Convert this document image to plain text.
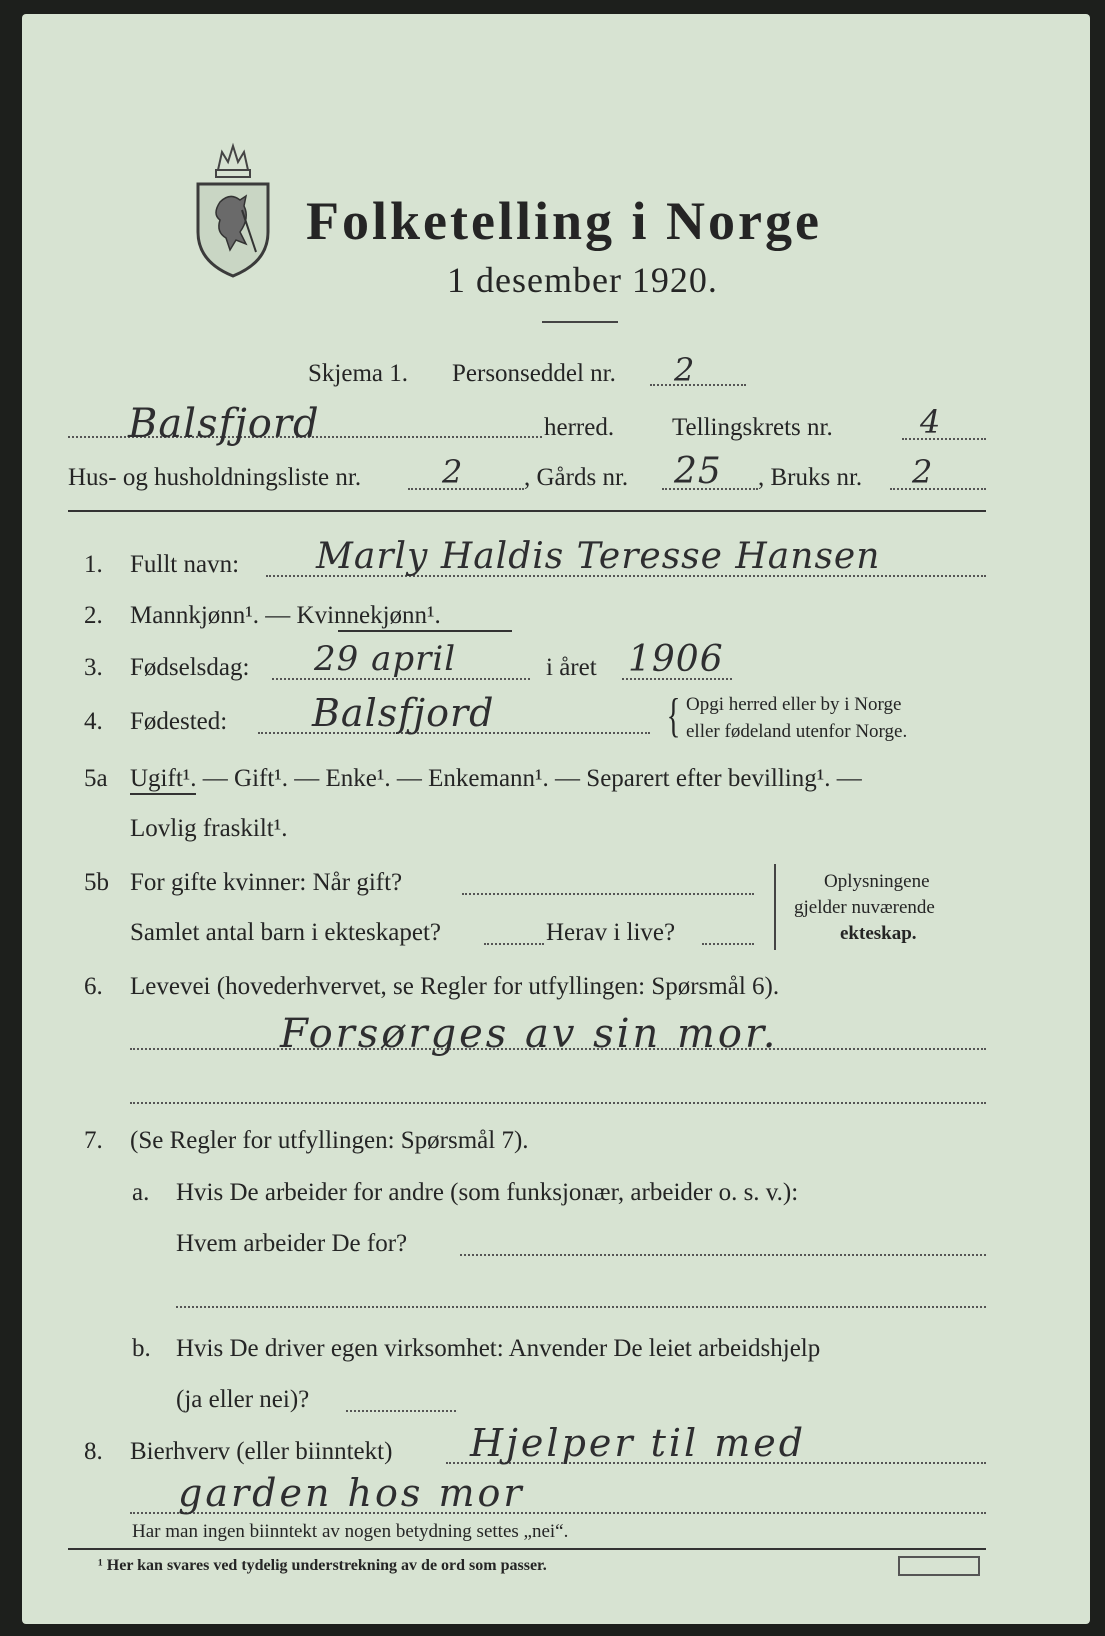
Folketelling i Norge
1 desember 1920.
Skjema 1. Personseddel nr. 2
Balsfjord	herred. Tellingskrets nr.	4
Hus- og husholdningsliste nr.	2 , Gårds nr. 25 , Bruks nr. 2
1. Fullt navn: Marly Haldis Teresse Hansen
2. Mannkjønn¹. — Kvinnekjønn¹.
3. Fødselsdag: 29 april	i året 1906
4. Fødested: Balsfjord	{ Opgi herred eller by i Norge
eller fødeland utenfor Norge.
5a Ugift¹. — Gift¹. — Enke¹. — Enkemann¹. — Separert efter bevilling¹. —
Lovlig fraskilt¹.
5b For gifte kvinner: Når gift?
Samlet antal barn i ekteskapet?	Herav i live?
Oplysningene
gjelder nuværende
ekteskap.
6. Levevei (hovederhvervet, se Regler for utfyllingen: Spørsmål 6).
Forsørges av sin mor.
7. (Se Regler for utfyllingen: Spørsmål 7).
a. Hvis De arbeider for andre (som funksjonær, arbeider o. s. v.):
Hvem arbeider De for?
b. Hvis De driver egen virksomhet: Anvender De leiet arbeidshjelp
(ja eller nei)?
8. Bierhverv (eller biinntekt) Hjelper til med
garden hos mor
Har man ingen biinntekt av nogen betydning settes „nei“.
¹ Her kan svares ved tydelig understrekning av de ord som passer.
